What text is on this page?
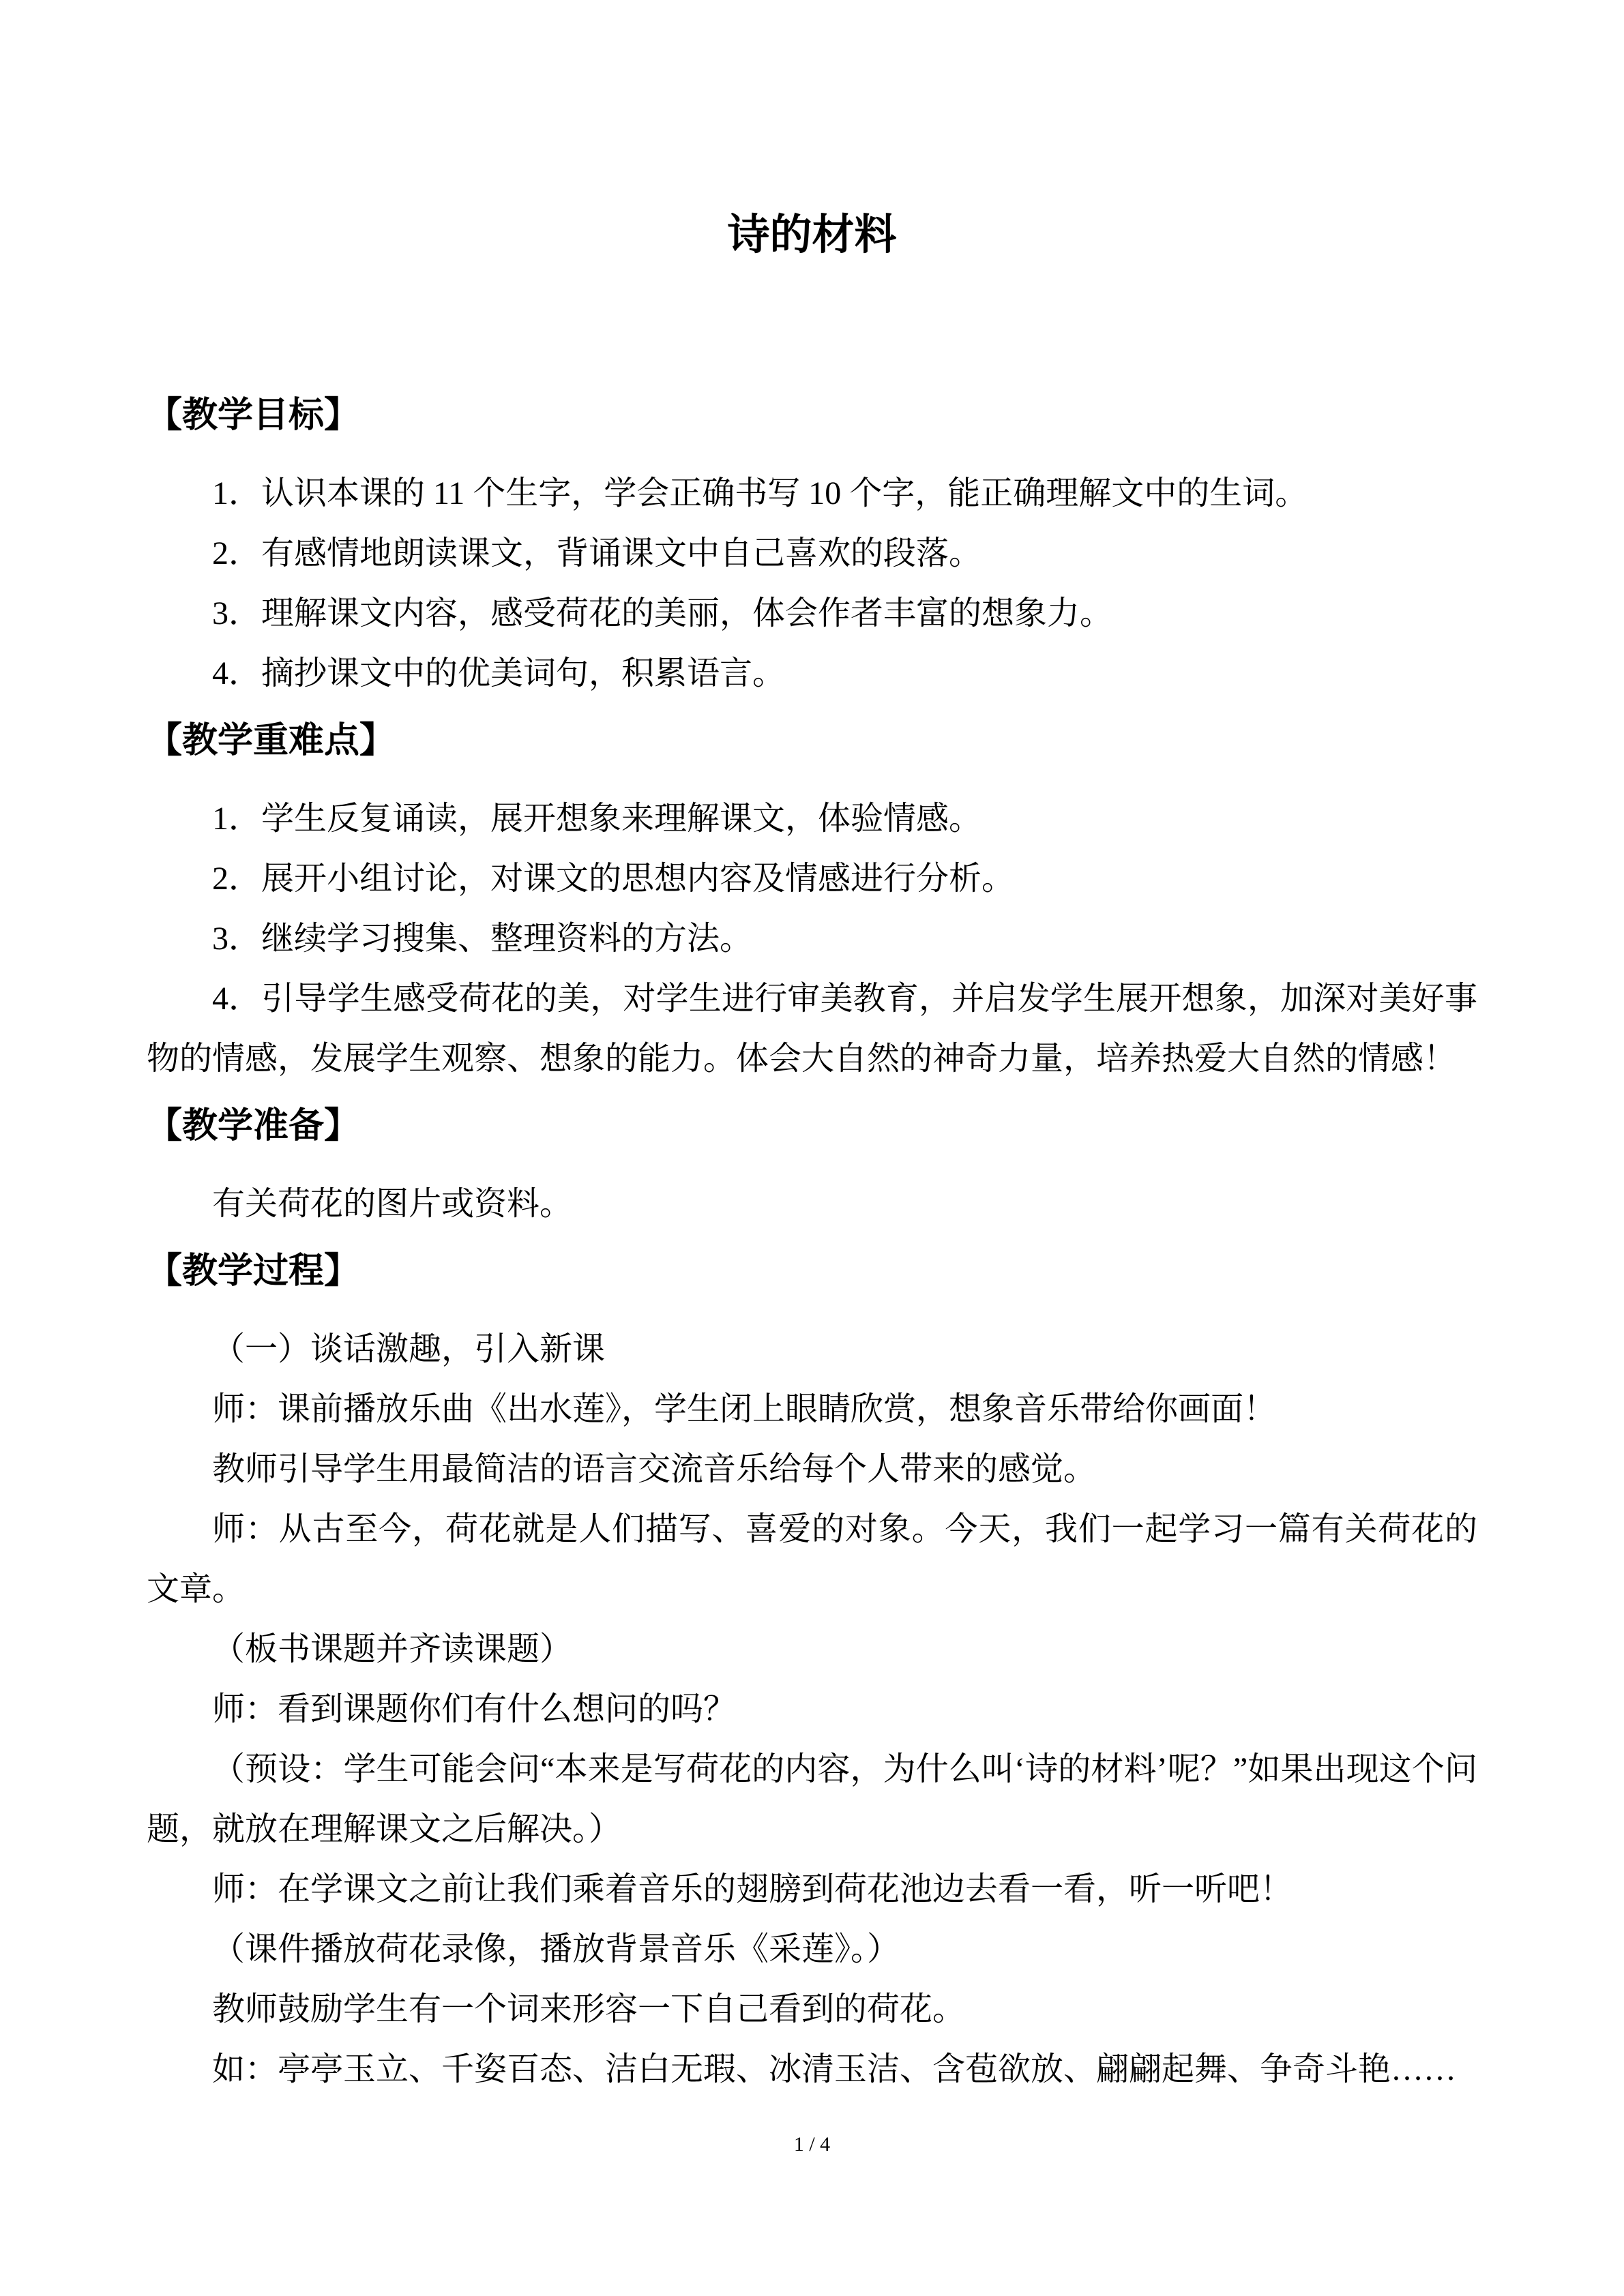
诗的材料
【教学目标】

1．认识本课的 11 个生字，学会正确书写 10 个字，能正确理解文中的生词。

2．有感情地朗读课文，背诵课文中自己喜欢的段落。

3．理解课文内容，感受荷花的美丽，体会作者丰富的想象力。

4．摘抄课文中的优美词句，积累语言。

【教学重难点】

1．学生反复诵读，展开想象来理解课文，体验情感。

2．展开小组讨论，对课文的思想内容及情感进行分析。

3．继续学习搜集、整理资料的方法。

4．引导学生感受荷花的美，对学生进行审美教育，并启发学生展开想象，加深对美好事物的情感，发展学生观察、想象的能力。体会大自然的神奇力量，培养热爱大自然的情感！

【教学准备】

有关荷花的图片或资料。

【教学过程】

（一）谈话激趣，引入新课

师：课前播放乐曲《出水莲》，学生闭上眼睛欣赏，想象音乐带给你画面！

教师引导学生用最简洁的语言交流音乐给每个人带来的感觉。

师：从古至今，荷花就是人们描写、喜爱的对象。今天，我们一起学习一篇有关荷花的文章。

（板书课题并齐读课题）

师：看到课题你们有什么想问的吗？

（预设：学生可能会问“本来是写荷花的内容，为什么叫‘诗的材料’呢？”如果出现这个问题，就放在理解课文之后解决。）

师：在学课文之前让我们乘着音乐的翅膀到荷花池边去看一看，听一听吧！

（课件播放荷花录像，播放背景音乐《采莲》。）

教师鼓励学生有一个词来形容一下自己看到的荷花。

如：亭亭玉立、千姿百态、洁白无瑕、冰清玉洁、含苞欲放、翩翩起舞、争奇斗艳……

1 / 4
